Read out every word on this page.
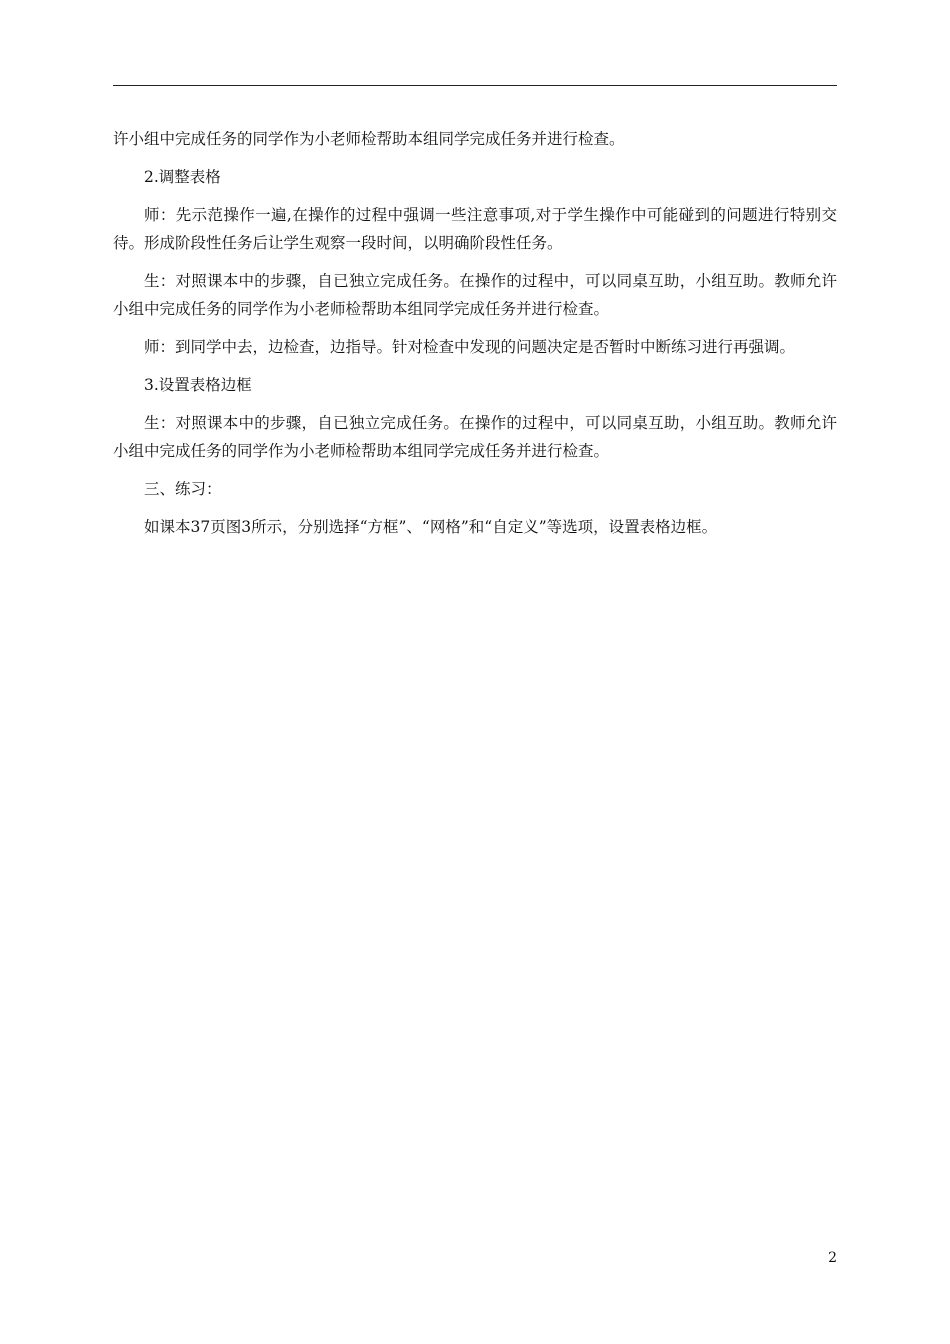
许小组中完成任务的同学作为小老师检帮助本组同学完成任务并进行检查。

2.调整表格

师：先示范操作一遍,在操作的过程中强调一些注意事项,对于学生操作中可能碰到的问题进行特别交待。形成阶段性任务后让学生观察一段时间，以明确阶段性任务。

生：对照课本中的步骤，自已独立完成任务。在操作的过程中，可以同桌互助，小组互助。教师允许小组中完成任务的同学作为小老师检帮助本组同学完成任务并进行检查。

师：到同学中去，边检查，边指导。针对检查中发现的问题决定是否暂时中断练习进行再强调。

3.设置表格边框

生：对照课本中的步骤，自已独立完成任务。在操作的过程中，可以同桌互助，小组互助。教师允许小组中完成任务的同学作为小老师检帮助本组同学完成任务并进行检查。

三、练习：

如课本37页图3所示，分别选择“方框”、“网格”和“自定义”等选项，设置表格边框。

2
